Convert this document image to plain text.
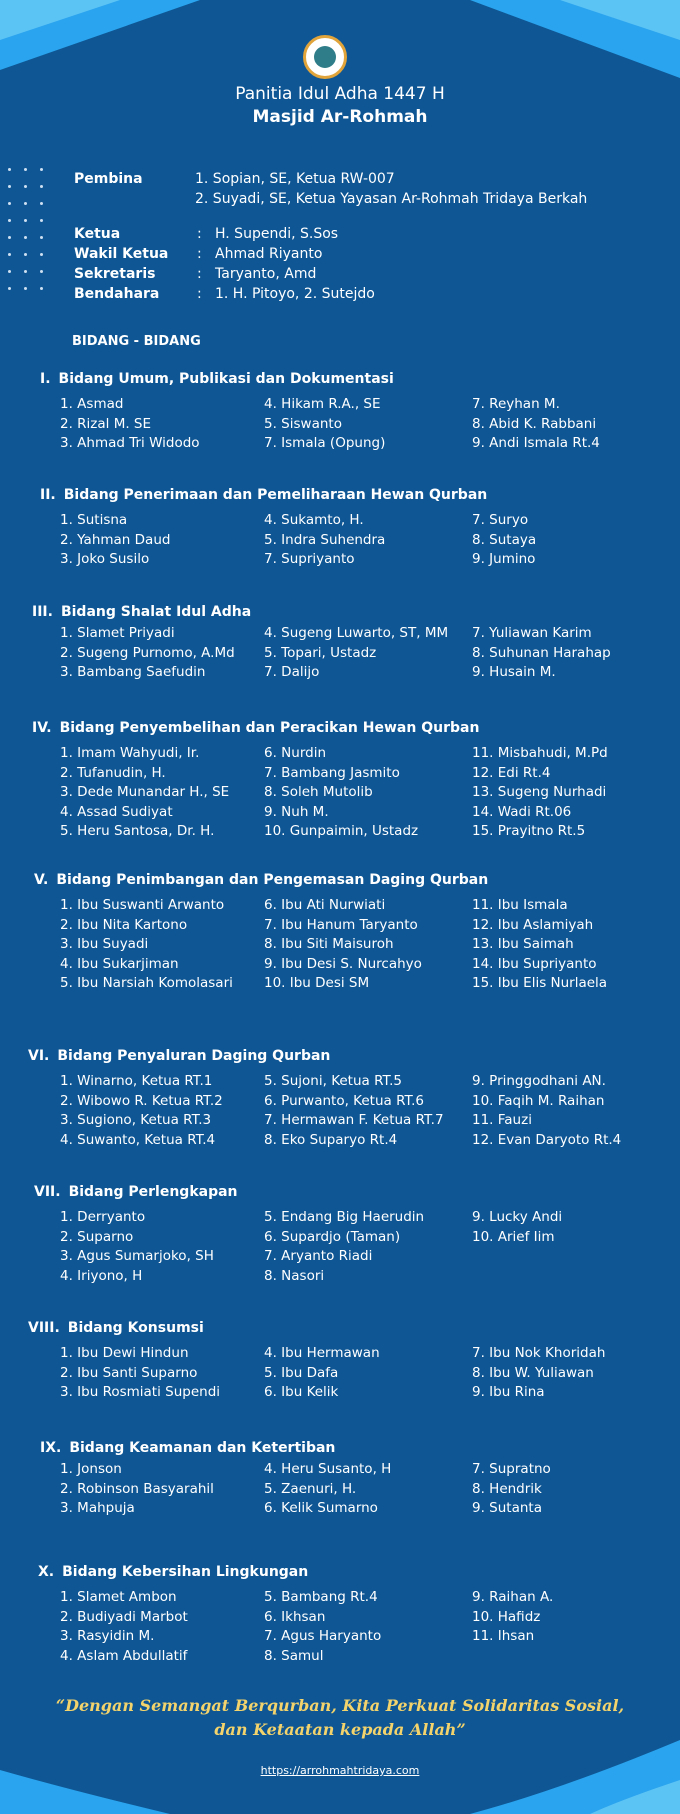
Panitia Idul Adha 1447 H
Masjid Ar-Rohmah
Pembina	1. Sopian, SE, Ketua RW-007
2. Suyadi, SE, Ketua Yayasan Ar-Rohmah Tridaya Berkah
Ketua	: H. Supendi, S.Sos
Wakil Ketua : Ahmad Riyanto
Sekretaris	: Taryanto, Amd
Bendahara	: 1. H. Pitoyo, 2. Sutejdo
BIDANG - BIDANG
I. Bidang Umum, Publikasi dan Dokumentasi
1. Asmad
2. Rizal M. SE
3. Ahmad Tri Widodo
4. Hikam R.A., SE
5. Siswanto
7. Ismala (Opung)
7. Reyhan M.
8. Abid K. Rabbani
9. Andi Ismala Rt.4
II. Bidang Penerimaan dan Pemeliharaan Hewan Qurban
1. Sutisna
2. Yahman Daud
3. Joko Susilo
4. Sukamto, H.
5. Indra Suhendra
7. Supriyanto
7. Suryo
8. Sutaya
9. Jumino
III. Bidang Shalat Idul Adha
1. Slamet Priyadi
2. Sugeng Purnomo, A.Md
3. Bambang Saefudin
4. Sugeng Luwarto, ST, MM
5. Topari, Ustadz
7. Dalijo
7. Yuliawan Karim
8. Suhunan Harahap
9. Husain M.
IV. Bidang Penyembelihan dan Peracikan Hewan Qurban
1. Imam Wahyudi, Ir.
2. Tufanudin, H.
3. Dede Munandar H., SE
4. Assad Sudiyat
5. Heru Santosa, Dr. H.
6. Nurdin
7. Bambang Jasmito
8. Soleh Mutolib
9. Nuh M.
10. Gunpaimin, Ustadz
11. Misbahudi, M.Pd
12. Edi Rt.4
13. Sugeng Nurhadi
14. Wadi Rt.06
15. Prayitno Rt.5
V. Bidang Penimbangan dan Pengemasan Daging Qurban
1. Ibu Suswanti Arwanto
2. Ibu Nita Kartono
3. Ibu Suyadi
4. Ibu Sukarjiman
5. Ibu Narsiah Komolasari
6. Ibu Ati Nurwiati
7. Ibu Hanum Taryanto
8. Ibu Siti Maisuroh
9. Ibu Desi S. Nurcahyo
10. Ibu Desi SM
11. Ibu Ismala
12. Ibu Aslamiyah
13. Ibu Saimah
14. Ibu Supriyanto
15. Ibu Elis Nurlaela
VI. Bidang Penyaluran Daging Qurban
1. Winarno, Ketua RT.1
2. Wibowo R. Ketua RT.2
3. Sugiono, Ketua RT.3
4. Suwanto, Ketua RT.4
5. Sujoni, Ketua RT.5
6. Purwanto, Ketua RT.6
7. Hermawan F. Ketua RT.7
8. Eko Suparyo Rt.4
9. Pringgodhani AN.
10. Faqih M. Raihan
11. Fauzi
12. Evan Daryoto Rt.4
VII. Bidang Perlengkapan
1. Derryanto
2. Suparno
3. Agus Sumarjoko, SH
4. Iriyono, H
5. Endang Big Haerudin
6. Supardjo (Taman)
7. Aryanto Riadi
8. Nasori
9. Lucky Andi
10. Arief Iim
VIII. Bidang Konsumsi
1. Ibu Dewi Hindun
2. Ibu Santi Suparno
3. Ibu Rosmiati Supendi
4. Ibu Hermawan
5. Ibu Dafa
6. Ibu Kelik
7. Ibu Nok Khoridah
8. Ibu W. Yuliawan
9. Ibu Rina
IX. Bidang Keamanan dan Ketertiban
1. Jonson
2. Robinson Basyarahil
3. Mahpuja
4. Heru Susanto, H
5. Zaenuri, H.
6. Kelik Sumarno
7. Supratno
8. Hendrik
9. Sutanta
X. Bidang Kebersihan Lingkungan
1. Slamet Ambon
2. Budiyadi Marbot
3. Rasyidin M.
4. Aslam Abdullatif
5. Bambang Rt.4
6. Ikhsan
7. Agus Haryanto
8. Samul
9. Raihan A.
10. Hafidz
11. Ihsan
“Dengan Semangat Berqurban, Kita Perkuat Solidaritas Sosial,
dan Ketaatan kepada Allah”
https://arrohmahtridaya.com
